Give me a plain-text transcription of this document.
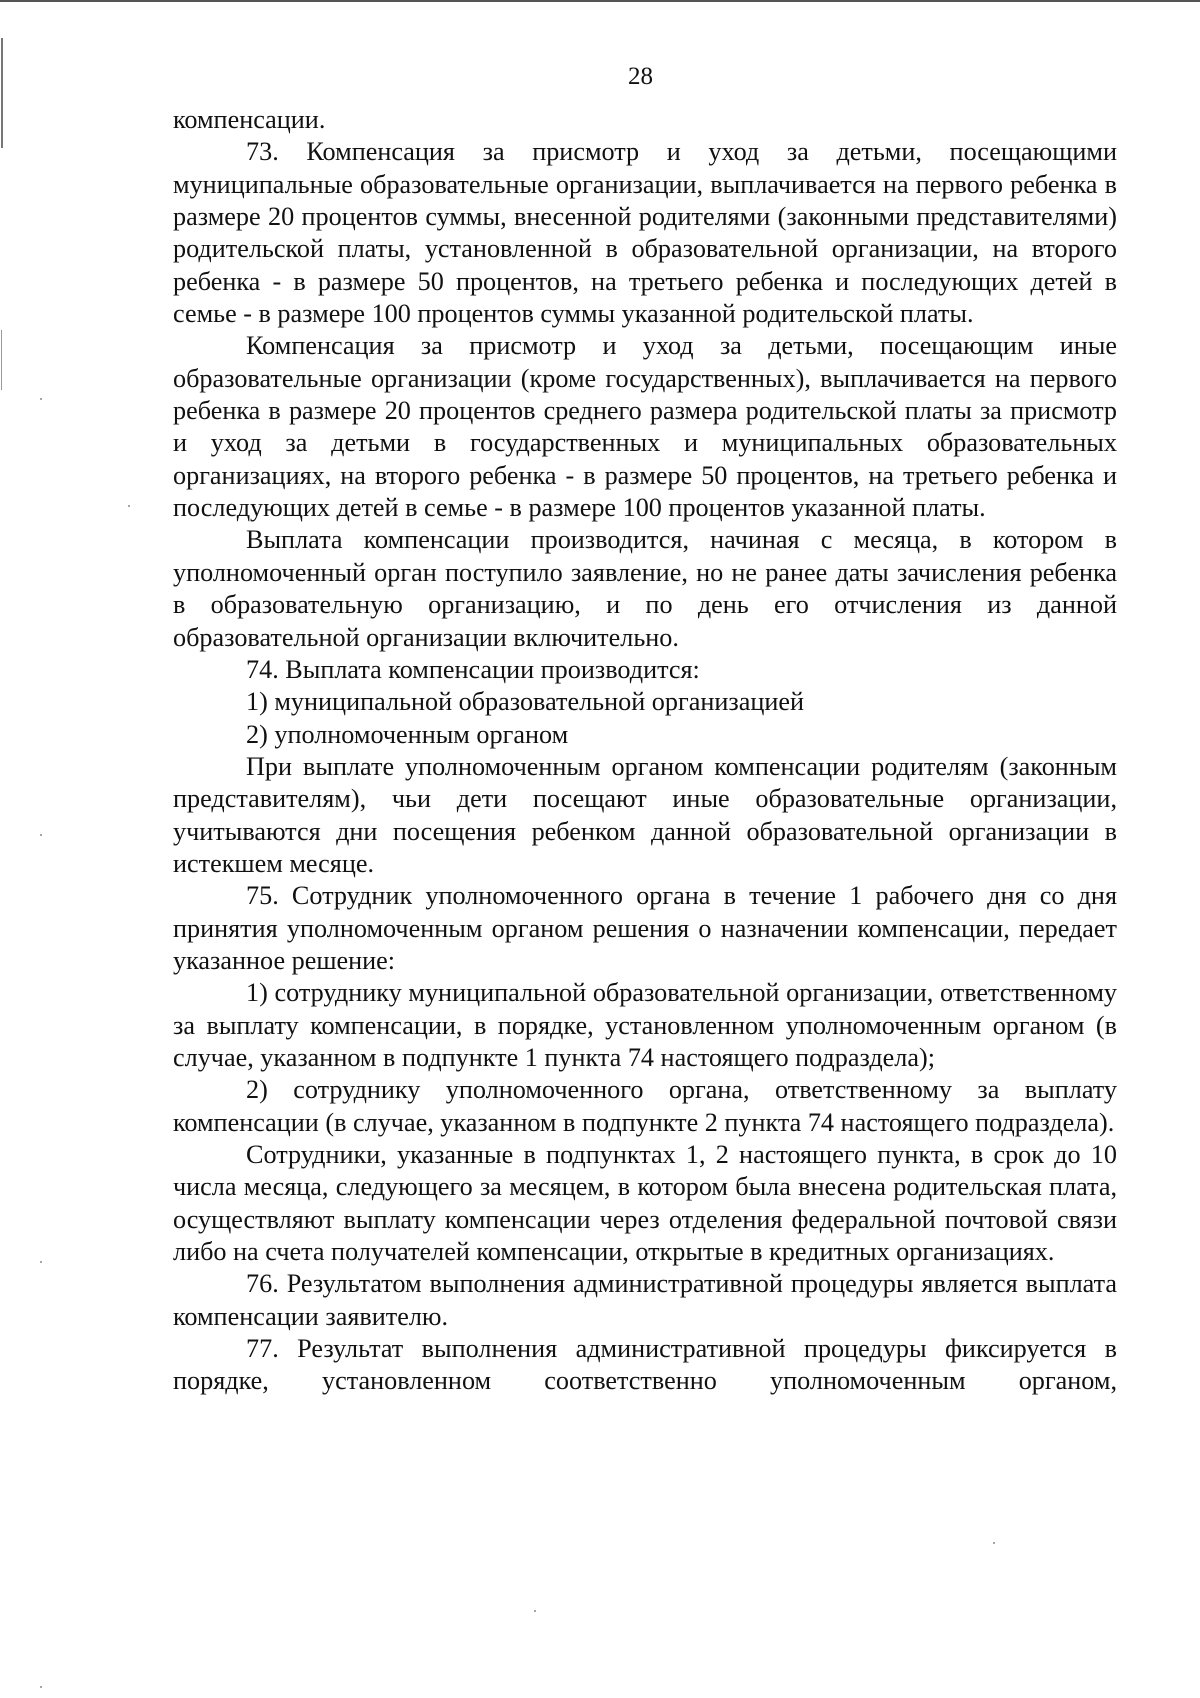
28

компенсации.

73. Компенсация за присмотр и уход за детьми, посещающими муниципальные образовательные организации, выплачивается на первого ребенка в размере 20 процентов суммы, внесенной родителями (законными представителями) родительской платы, установленной в образовательной организации, на второго ребенка - в размере 50 процентов, на третьего ребенка и последующих детей в семье - в размере 100 процентов суммы указанной родительской платы.

Компенсация за присмотр и уход за детьми, посещающим иные образовательные организации (кроме государственных), выплачивается на первого ребенка в размере 20 процентов среднего размера родительской платы за присмотр и уход за детьми в государственных и муниципальных образовательных организациях, на второго ребенка - в размере 50 процентов, на третьего ребенка и последующих детей в семье - в размере 100 процентов указанной платы.

Выплата компенсации производится, начиная с месяца, в котором в уполномоченный орган поступило заявление, но не ранее даты зачисления ребенка в образовательную организацию, и по день его отчисления из данной образовательной организации включительно.

74. Выплата компенсации производится:

1) муниципальной образовательной организацией

2) уполномоченным органом

При выплате уполномоченным органом компенсации родителям (законным представителям), чьи дети посещают иные образовательные организации, учитываются дни посещения ребенком данной образовательной организации в истекшем месяце.

75. Сотрудник уполномоченного органа в течение 1 рабочего дня со дня принятия уполномоченным органом решения о назначении компенсации, передает указанное решение:

1) сотруднику муниципальной образовательной организации, ответственному за выплату компенсации, в порядке, установленном уполномоченным органом (в случае, указанном в подпункте 1 пункта 74 настоящего подраздела);

2) сотруднику уполномоченного органа, ответственному за выплату компенсации (в случае, указанном в подпункте 2 пункта 74 настоящего подраздела).

Сотрудники, указанные в подпунктах 1, 2 настоящего пункта, в срок до 10 числа месяца, следующего за месяцем, в котором была внесена родительская плата, осуществляют выплату компенсации через отделения федеральной почтовой связи либо на счета получателей компенсации, открытые в кредитных организациях.

76. Результатом выполнения административной процедуры является выплата компенсации заявителю.

77. Результат выполнения административной процедуры фиксируется в порядке, установленном соответственно уполномоченным органом,
